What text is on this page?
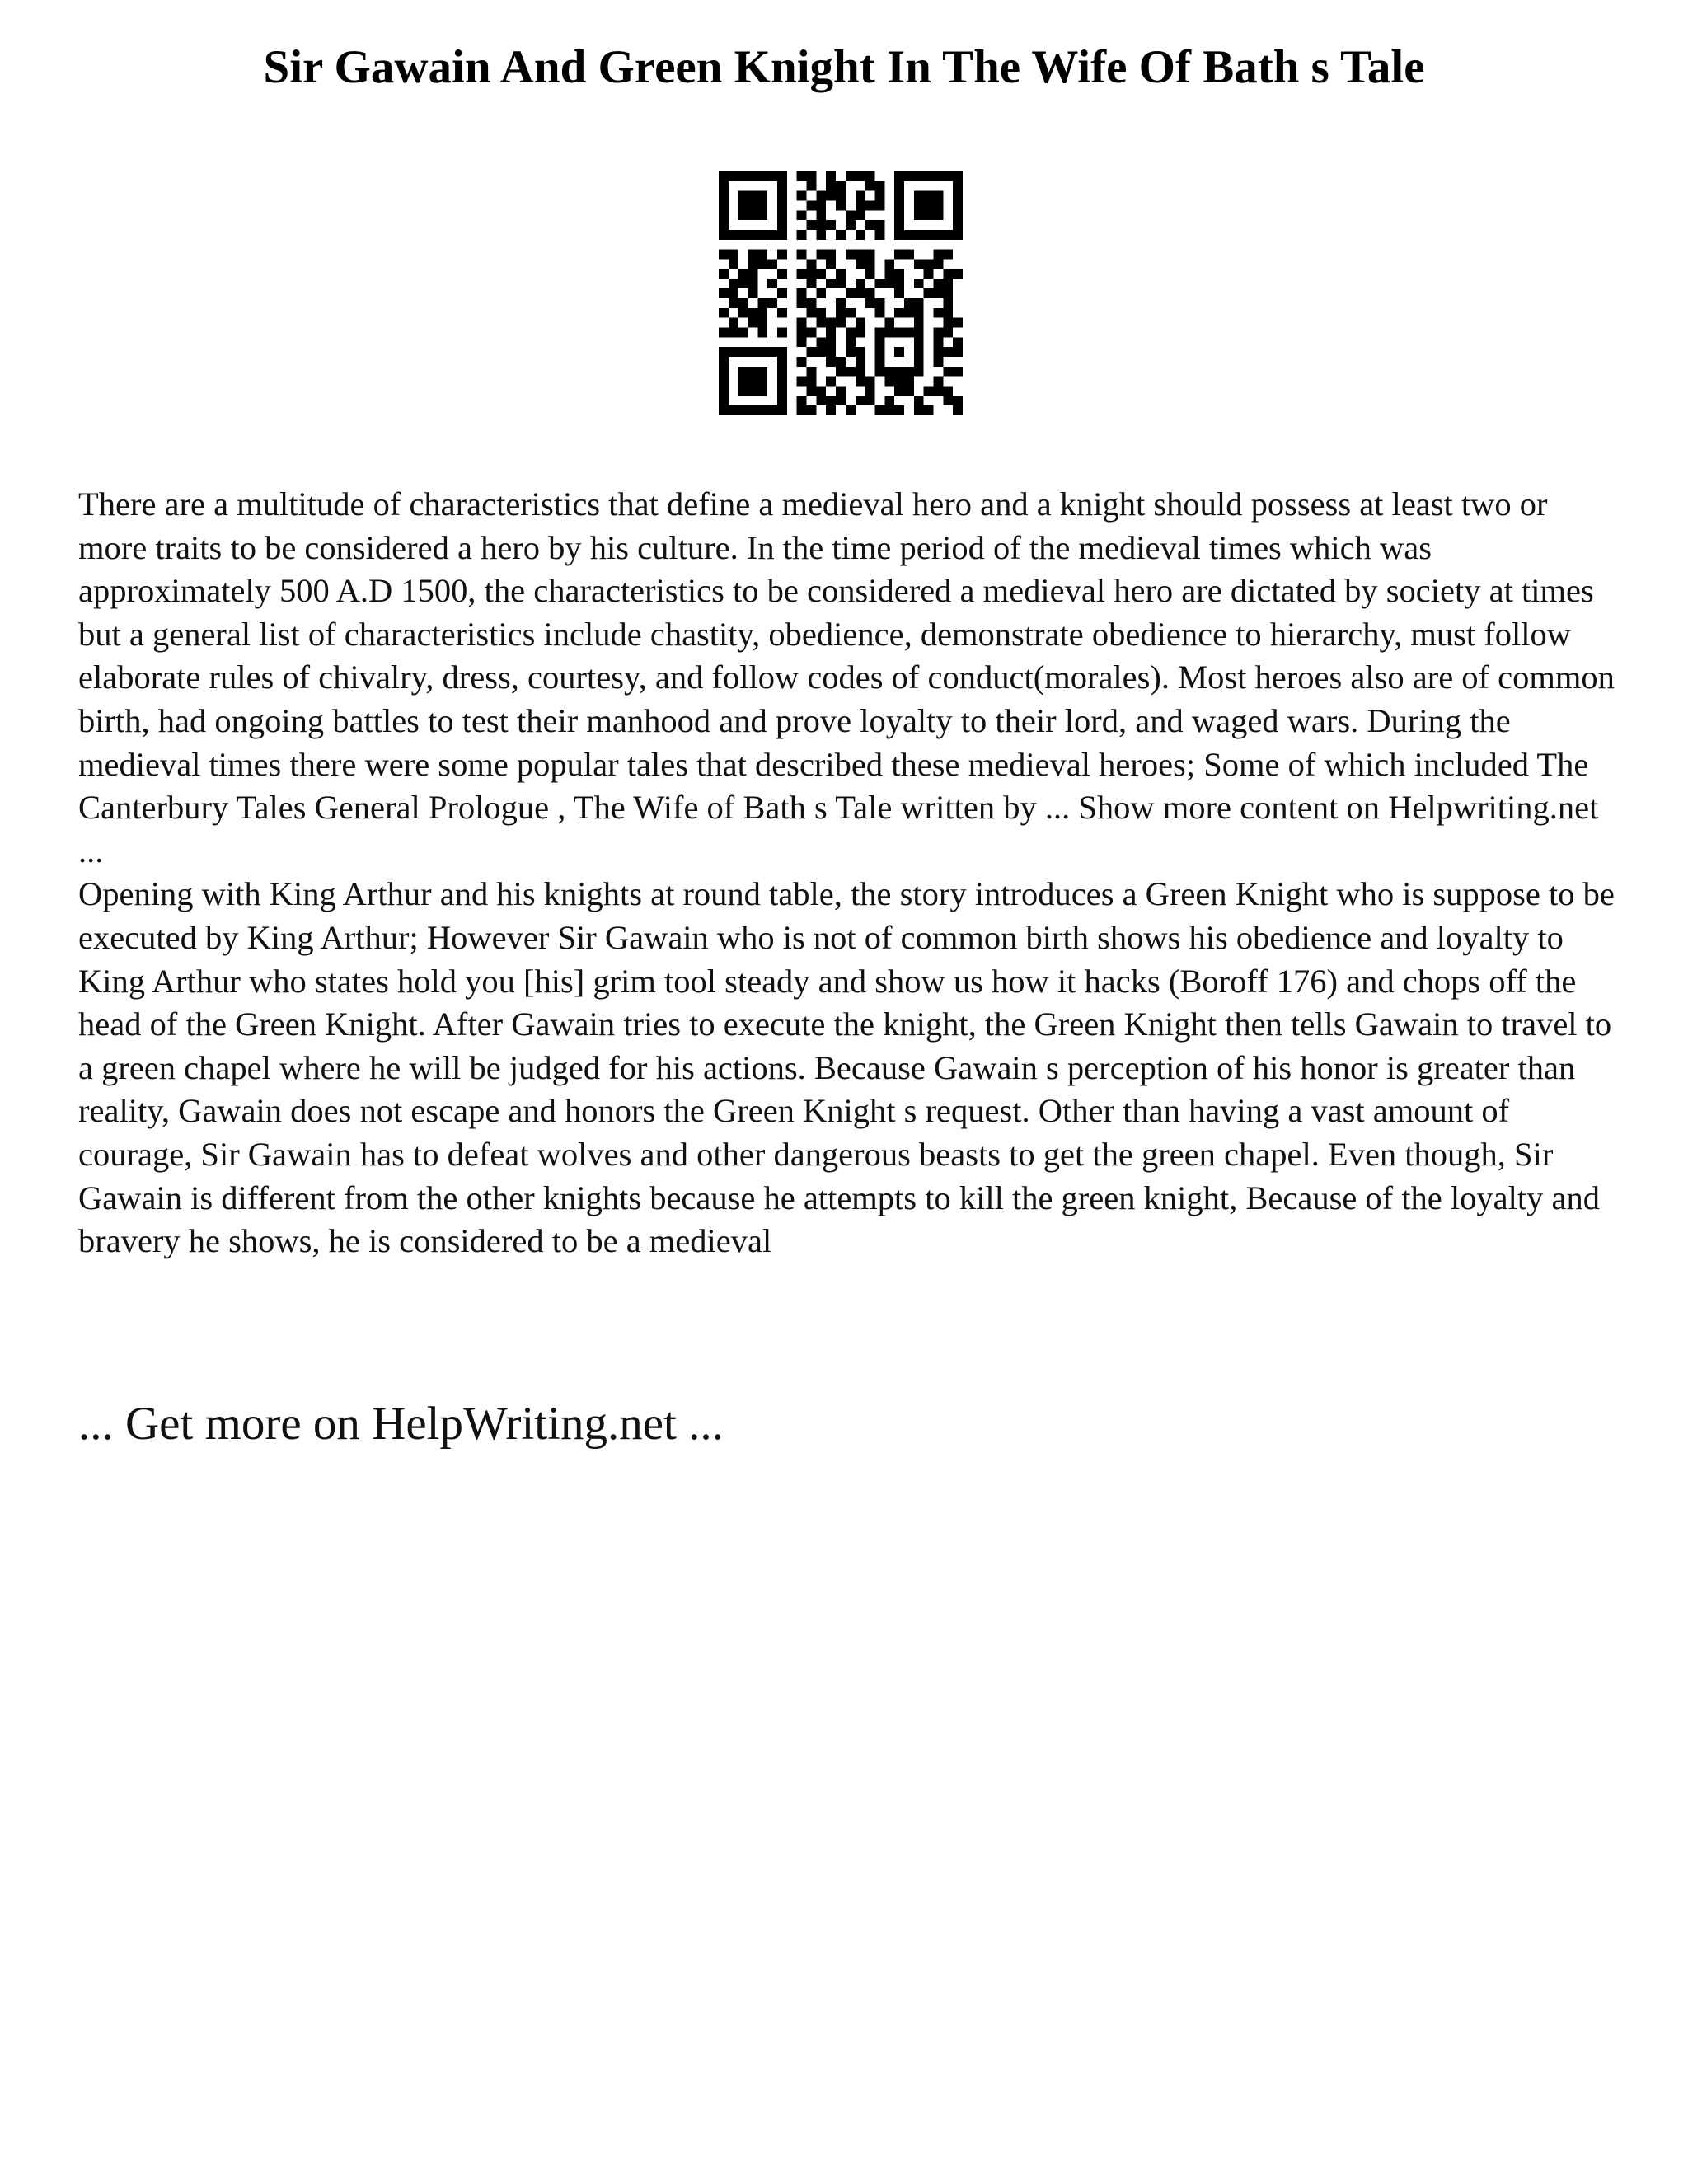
Sir Gawain And Green Knight In The Wife Of Bath s Tale

There are a multitude of characteristics that define a medieval hero and a knight should possess at least two or more traits to be considered a hero by his culture. In the time period of the medieval times which was approximately 500 A.D 1500, the characteristics to be considered a medieval hero are dictated by society at times but a general list of characteristics include chastity, obedience, demonstrate obedience to hierarchy, must follow elaborate rules of chivalry, dress, courtesy, and follow codes of conduct(morales). Most heroes also are of common birth, had ongoing battles to test their manhood and prove loyalty to their lord, and waged wars. During the medieval times there were some popular tales that described these medieval heroes; Some of which included The Canterbury Tales General Prologue , The Wife of Bath s Tale written by ... Show more content on Helpwriting.net ...

Opening with King Arthur and his knights at round table, the story introduces a Green Knight who is suppose to be executed by King Arthur; However Sir Gawain who is not of common birth shows his obedience and loyalty to King Arthur who states hold you [his] grim tool steady and show us how it hacks (Boroff 176) and chops off the head of the Green Knight. After Gawain tries to execute the knight, the Green Knight then tells Gawain to travel to a green chapel where he will be judged for his actions. Because Gawain s perception of his honor is greater than reality, Gawain does not escape and honors the Green Knight s request. Other than having a vast amount of courage, Sir Gawain has to defeat wolves and other dangerous beasts to get the green chapel. Even though, Sir Gawain is different from the other knights because he attempts to kill the green knight, Because of the loyalty and bravery he shows, he is considered to be a medieval

... Get more on HelpWriting.net ...
